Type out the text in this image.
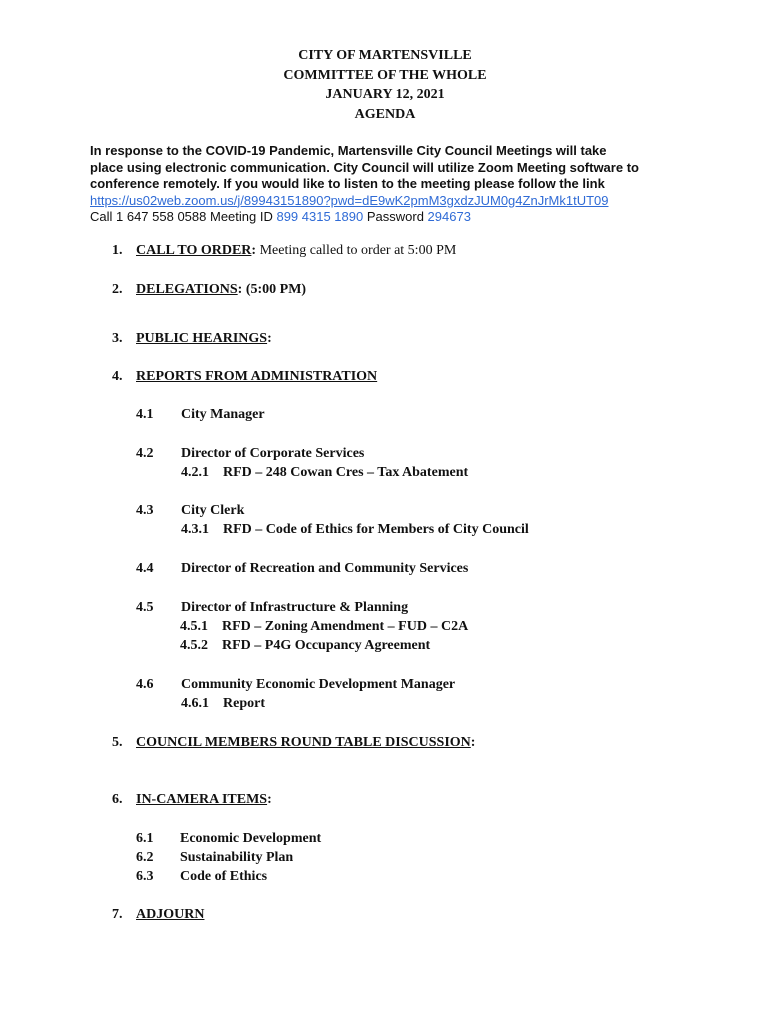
CITY OF MARTENSVILLE
COMMITTEE OF THE WHOLE
JANUARY 12, 2021
AGENDA
In response to the COVID-19 Pandemic, Martensville City Council Meetings will take
place using electronic communication. City Council will utilize Zoom Meeting software to
conference remotely. If you would like to listen to the meeting please follow the link
https://us02web.zoom.us/j/89943151890?pwd=dE9wK2pmM3gxdzJUM0g4ZnJrMk1tUT09
Call 1 647 558 0588 Meeting ID 899 4315 1890 Password 294673
1. CALL TO ORDER: Meeting called to order at 5:00 PM
2. DELEGATIONS: (5:00 PM)
3. PUBLIC HEARINGS:
4. REPORTS FROM ADMINISTRATION
4.1 City Manager
4.2 Director of Corporate Services
4.2.1    RFD – 248 Cowan Cres – Tax Abatement
4.3 City Clerk
4.3.1    RFD – Code of Ethics for Members of City Council
4.4 Director of Recreation and Community Services
4.5 Director of Infrastructure & Planning
4.5.1    RFD – Zoning Amendment – FUD – C2A
4.5.2    RFD – P4G Occupancy Agreement
4.6 Community Economic Development Manager
4.6.1    Report
5. COUNCIL MEMBERS ROUND TABLE DISCUSSION:
6. IN-CAMERA ITEMS:
6.1 Economic Development
6.2 Sustainability Plan
6.3 Code of Ethics
7. ADJOURN
